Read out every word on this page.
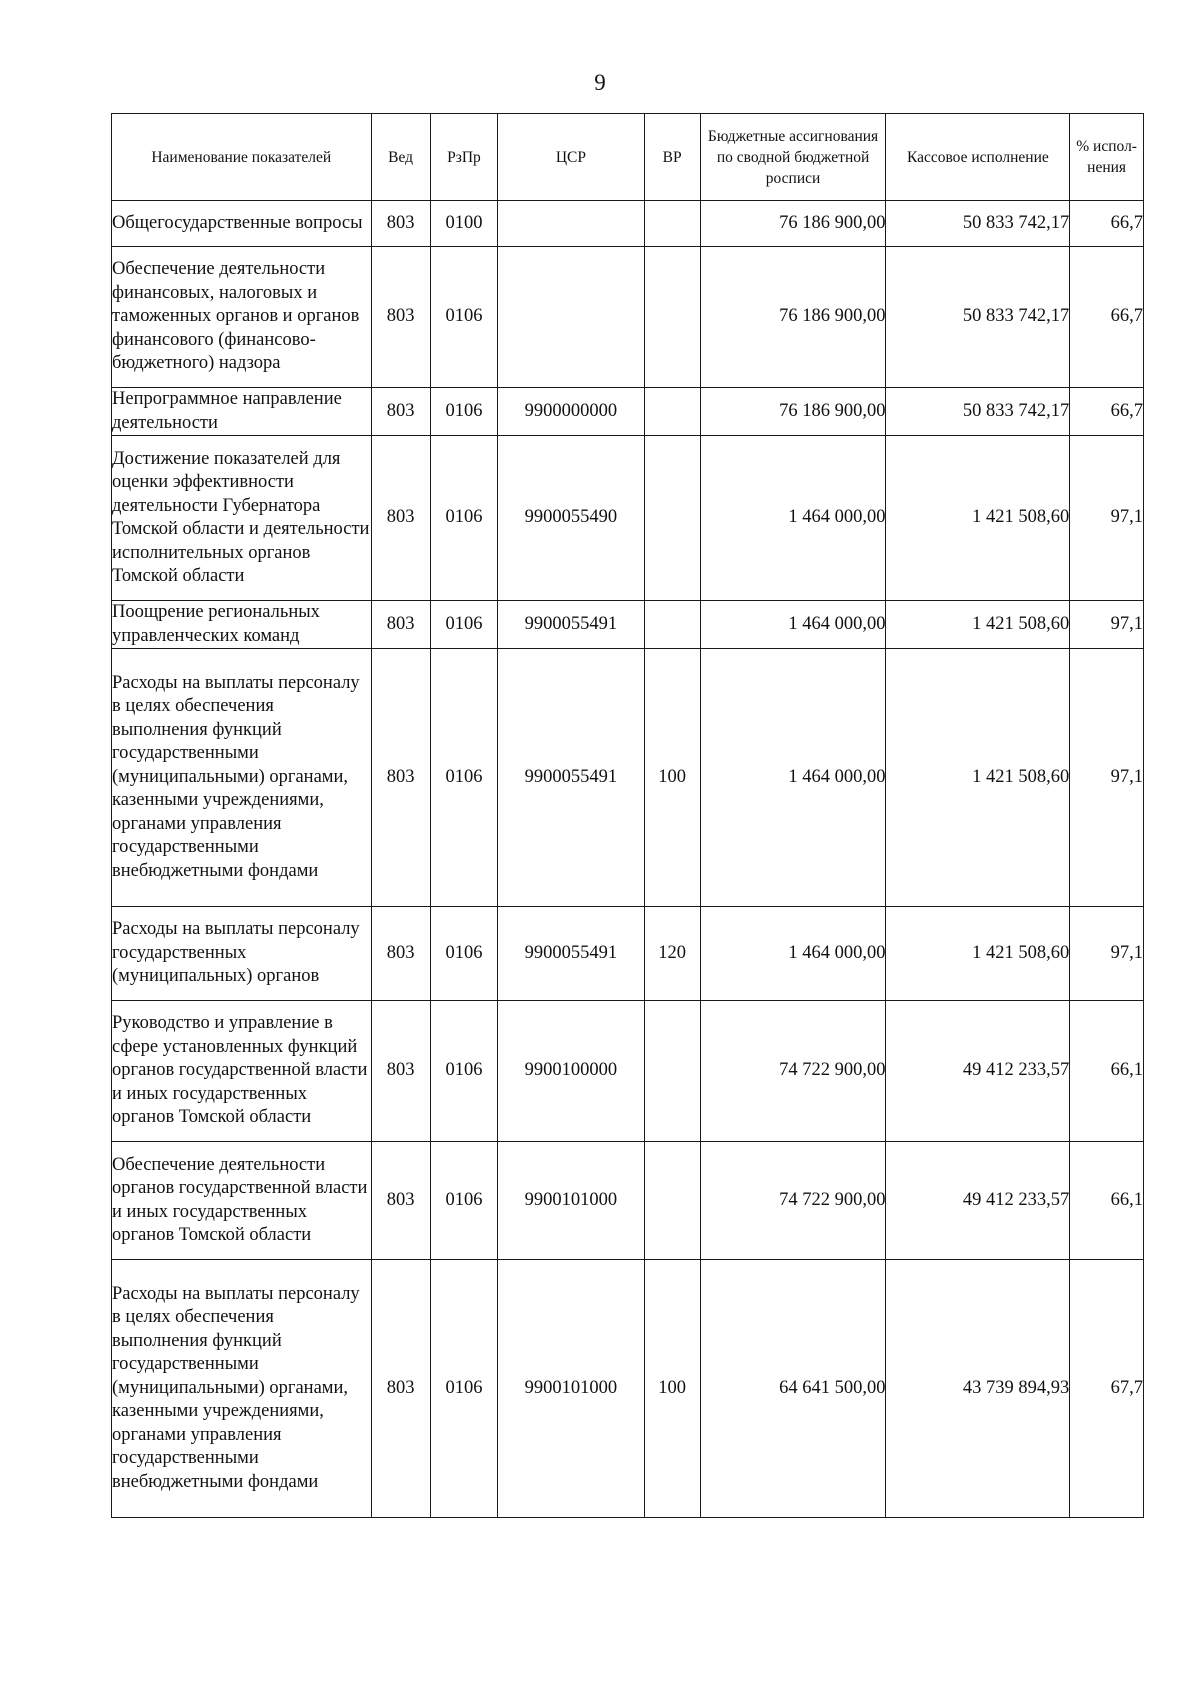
9
Наименование показателей	Вед	РзПр	ЦСР	ВР	Бюджетные ассигнования по сводной бюджетной росписи	Кассовое исполнение	% испол-нения
Общегосударственные вопросы	803	0100			76 186 900,00	50 833 742,17	66,7
Обеспечение деятельности финансовых, налоговых и таможенных органов и органов финансового (финансово-бюджетного) надзора	803	0106			76 186 900,00	50 833 742,17	66,7
Непрограммное направление деятельности	803	0106	9900000000		76 186 900,00	50 833 742,17	66,7
Достижение показателей для оценки эффективности деятельности Губернатора Томской области и деятельности исполнительных органов Томской области	803	0106	9900055490		1 464 000,00	1 421 508,60	97,1
Поощрение региональных управленческих команд	803	0106	9900055491		1 464 000,00	1 421 508,60	97,1
Расходы на выплаты персоналу в целях обеспечения выполнения функций государственными (муниципальными) органами, казенными учреждениями, органами управления государственными внебюджетными фондами	803	0106	9900055491	100	1 464 000,00	1 421 508,60	97,1
Расходы на выплаты персоналу государственных (муниципальных) органов	803	0106	9900055491	120	1 464 000,00	1 421 508,60	97,1
Руководство и управление в сфере установленных функций органов государственной власти и иных государственных органов Томской области	803	0106	9900100000		74 722 900,00	49 412 233,57	66,1
Обеспечение деятельности органов государственной власти и иных государственных органов Томской области	803	0106	9900101000		74 722 900,00	49 412 233,57	66,1
Расходы на выплаты персоналу в целях обеспечения выполнения функций государственными (муниципальными) органами, казенными учреждениями, органами управления государственными внебюджетными фондами	803	0106	9900101000	100	64 641 500,00	43 739 894,93	67,7
